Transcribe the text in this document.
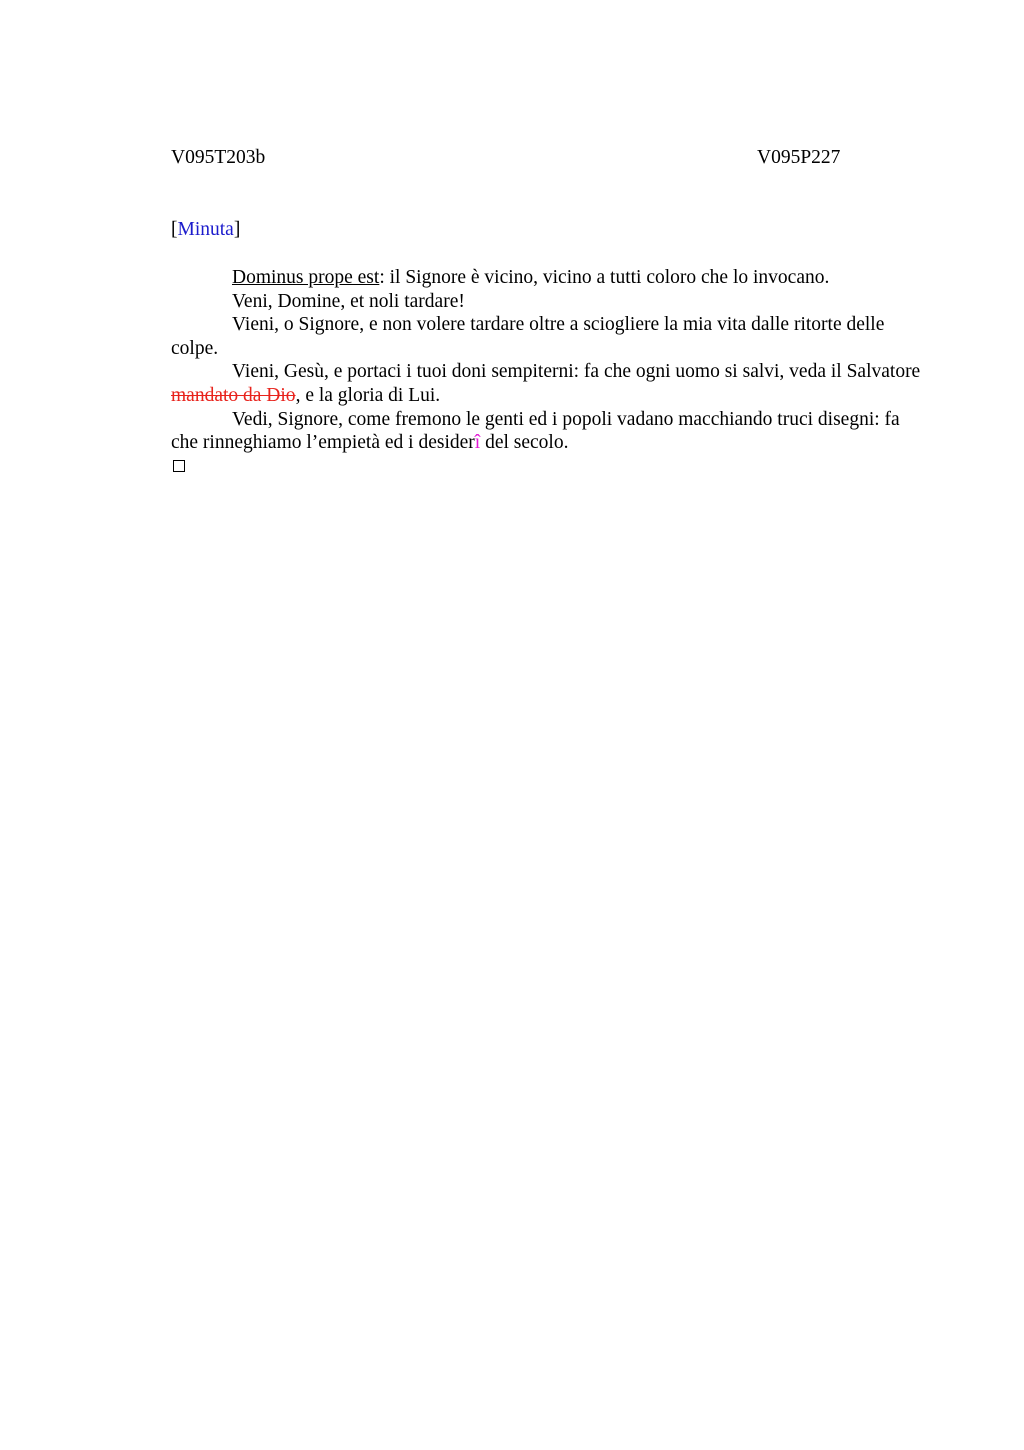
V095T203b	V095P227
[Minuta]

Dominus prope est: il Signore è vicino, vicino a tutti coloro che lo invocano.

Veni, Domine, et noli tardare!

Vieni, o Signore, e non volere tardare oltre a sciogliere la mia vita dalle ritorte delle colpe.

Vieni, Gesù, e portaci i tuoi doni sempiterni: fa che ogni uomo si salvi, veda il Salvatore mandato da Dio, e la gloria di Lui.

Vedi, Signore, come fremono le genti ed i popoli vadano macchiando truci disegni: fa che rinneghiamo l’empietà ed i desiderî del secolo.
